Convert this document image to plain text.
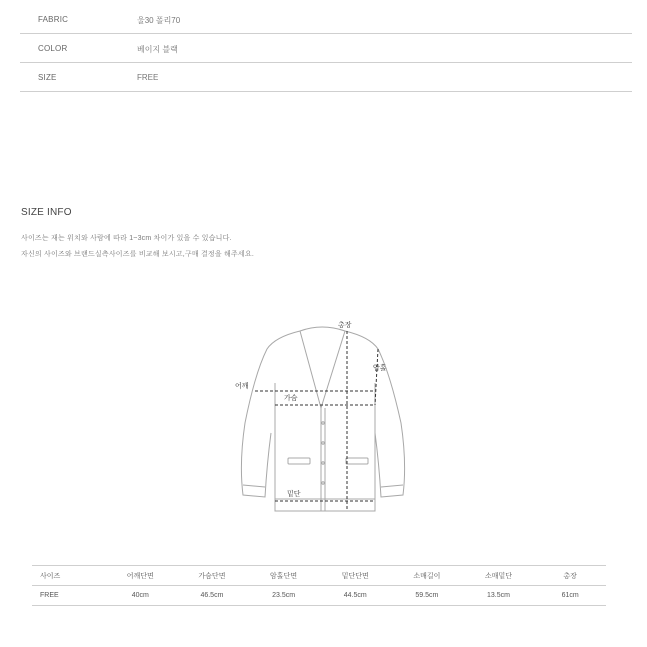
FABRIC	울30 폴리70
COLOR	베이지 블랙
SIZE	FREE
SIZE INFO
사이즈는 재는 위치와 사람에 따라 1~3cm 차이가 있을 수 있습니다.
자신의 사이즈와 브랜드실측사이즈를 비교해 보시고,구매 결정을 해주세요.
총장
어깨
가슴
암홀
밑단
사이즈	어깨단면	가슴단면	암홀단면	밑단단면	소매길이	소매밑단	총장
FREE	40cm	46.5cm	23.5cm	44.5cm	59.5cm	13.5cm	61cm
